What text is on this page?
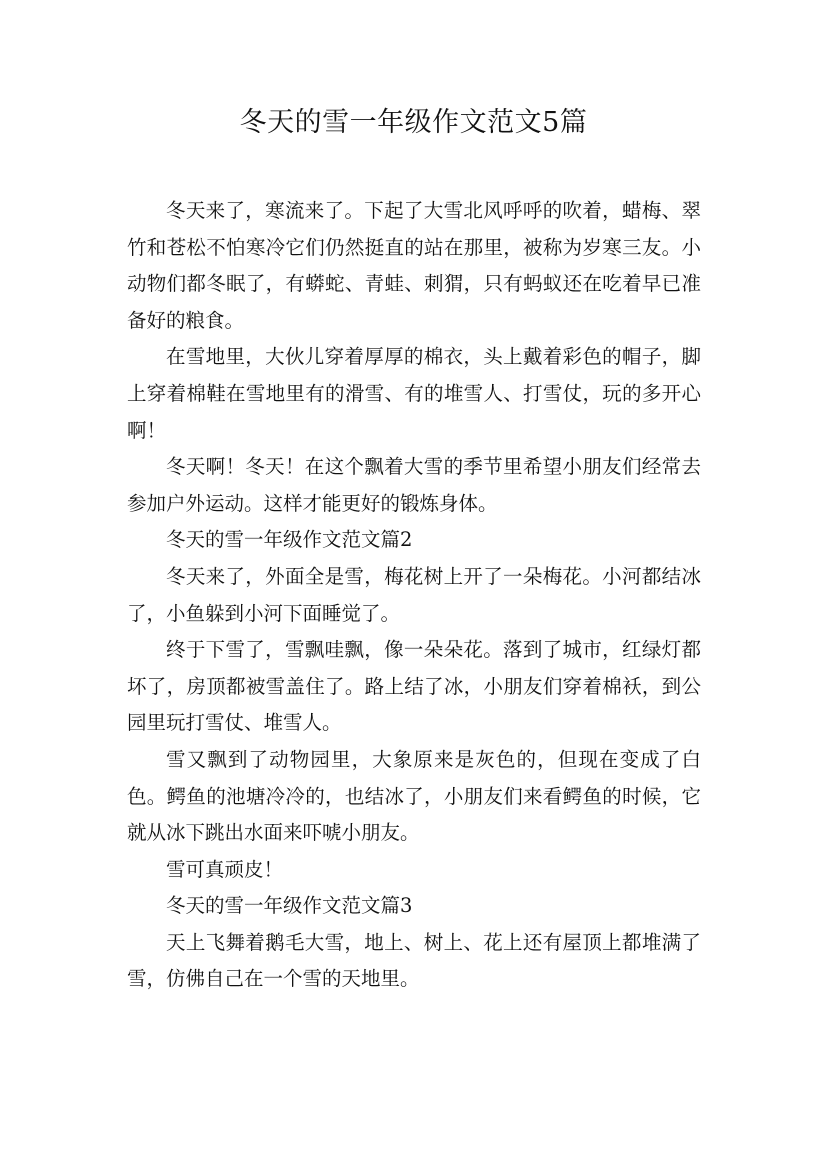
冬天的雪一年级作文范文5篇

冬天来了，寒流来了。下起了大雪北风呼呼的吹着，蜡梅、翠竹和苍松不怕寒冷它们仍然挺直的站在那里，被称为岁寒三友。小动物们都冬眠了，有蟒蛇、青蛙、刺猬，只有蚂蚁还在吃着早已准备好的粮食。

在雪地里，大伙儿穿着厚厚的棉衣，头上戴着彩色的帽子，脚上穿着棉鞋在雪地里有的滑雪、有的堆雪人、打雪仗，玩的多开心啊！

冬天啊！冬天！在这个飘着大雪的季节里希望小朋友们经常去参加户外运动。这样才能更好的锻炼身体。

冬天的雪一年级作文范文篇2

冬天来了，外面全是雪，梅花树上开了一朵梅花。小河都结冰了，小鱼躲到小河下面睡觉了。

终于下雪了，雪飘哇飘，像一朵朵花。落到了城市，红绿灯都坏了，房顶都被雪盖住了。路上结了冰，小朋友们穿着棉袄，到公园里玩打雪仗、堆雪人。

雪又飘到了动物园里，大象原来是灰色的，但现在变成了白色。鳄鱼的池塘冷冷的，也结冰了，小朋友们来看鳄鱼的时候，它就从冰下跳出水面来吓唬小朋友。

雪可真顽皮！

冬天的雪一年级作文范文篇3

天上飞舞着鹅毛大雪，地上、树上、花上还有屋顶上都堆满了雪，仿佛自己在一个雪的天地里。
